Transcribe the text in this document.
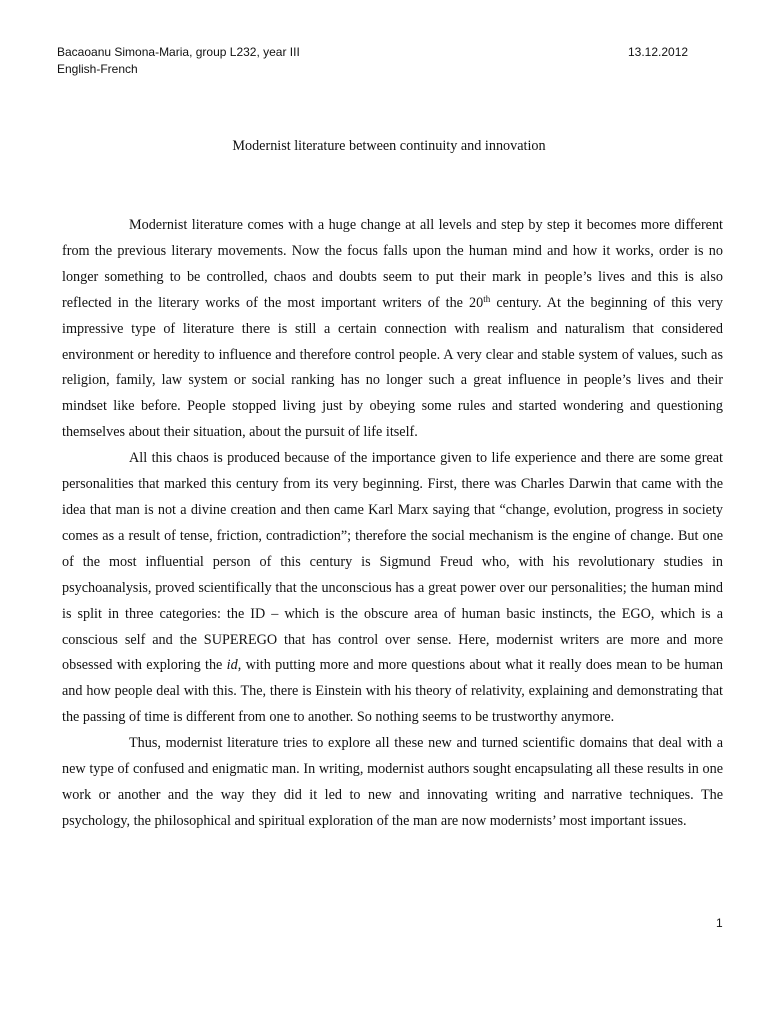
Bacaoanu Simona-Maria, group L232, year III
English-French
13.12.2012
Modernist literature between continuity and innovation

Modernist literature comes with a huge change at all levels and step by step it becomes more different from the previous literary movements. Now the focus falls upon the human mind and how it works, order is no longer something to be controlled, chaos and doubts seem to put their mark in people’s lives and this is also reflected in the literary works of the most important writers of the 20th century. At the beginning of this very impressive type of literature there is still a certain connection with realism and naturalism that considered environment or heredity to influence and therefore control people. A very clear and stable system of values, such as religion, family, law system or social ranking has no longer such a great influence in people’s lives and their mindset like before. People stopped living just by obeying some rules and started wondering and questioning themselves about their situation, about the pursuit of life itself.

All this chaos is produced because of the importance given to life experience and there are some great personalities that marked this century from its very beginning. First, there was Charles Darwin that came with the idea that man is not a divine creation and then came Karl Marx saying that “change, evolution, progress in society comes as a result of tense, friction, contradiction”; therefore the social mechanism is the engine of change. But one of the most influential person of this century is Sigmund Freud who, with his revolutionary studies in psychoanalysis, proved scientifically that the unconscious has a great power over our personalities; the human mind is split in three categories: the ID – which is the obscure area of human basic instincts, the EGO, which is a conscious self and the SUPEREGO that has control over sense. Here, modernist writers are more and more obsessed with exploring the id, with putting more and more questions about what it really does mean to be human and how people deal with this. The, there is Einstein with his theory of relativity, explaining and demonstrating that the passing of time is different from one to another. So nothing seems to be trustworthy anymore.

Thus, modernist literature tries to explore all these new and turned scientific domains that deal with a new type of confused and enigmatic man. In writing, modernist authors sought encapsulating all these results in one work or another and the way they did it led to new and innovating writing and narrative techniques. The psychology, the philosophical and spiritual exploration of the man are now modernists’ most important issues.

1
